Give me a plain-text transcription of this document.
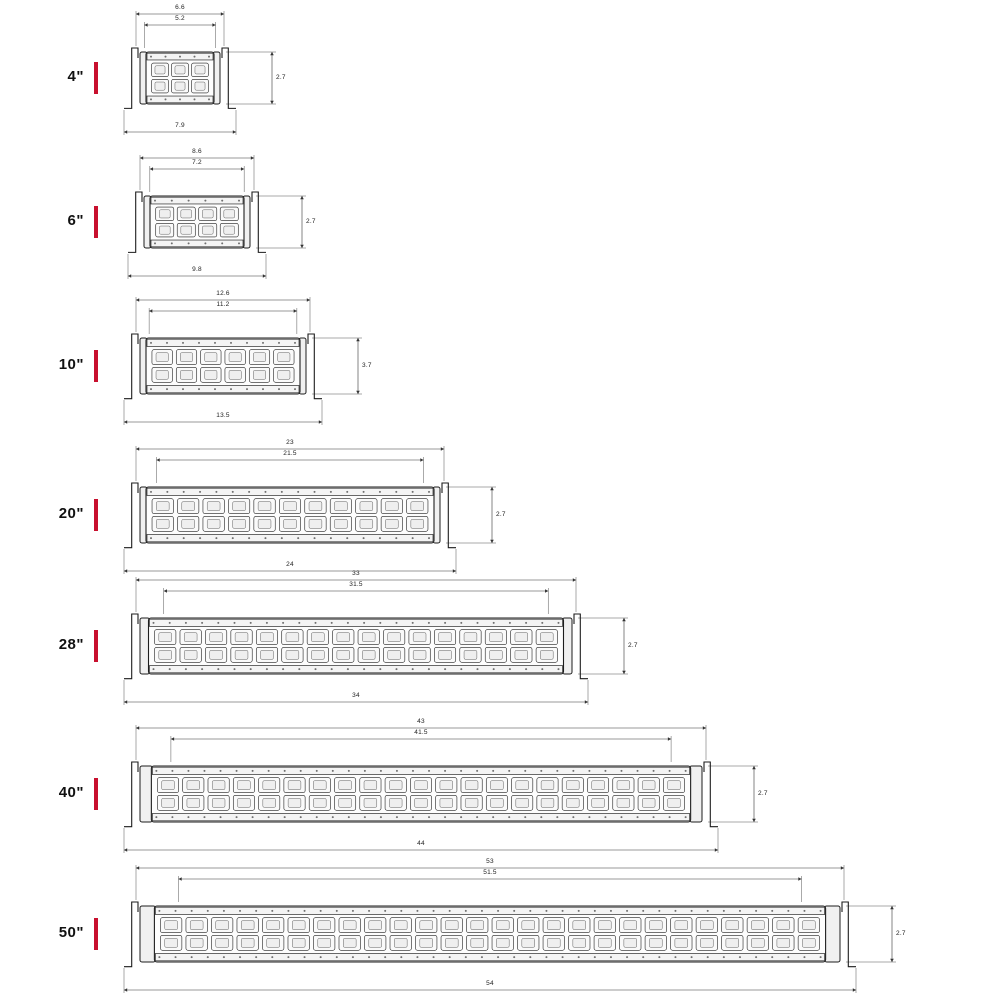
4"
6.6
5.2
7.9
2.7
6"
8.6
7.2
9.8
2.7
10"
12.6
11.2
13.5
3.7
20"
23
21.5
24
2.7
28"
33
31.5
34
2.7
40"
43
41.5
44
2.7
50"
53
51.5
54
2.7
